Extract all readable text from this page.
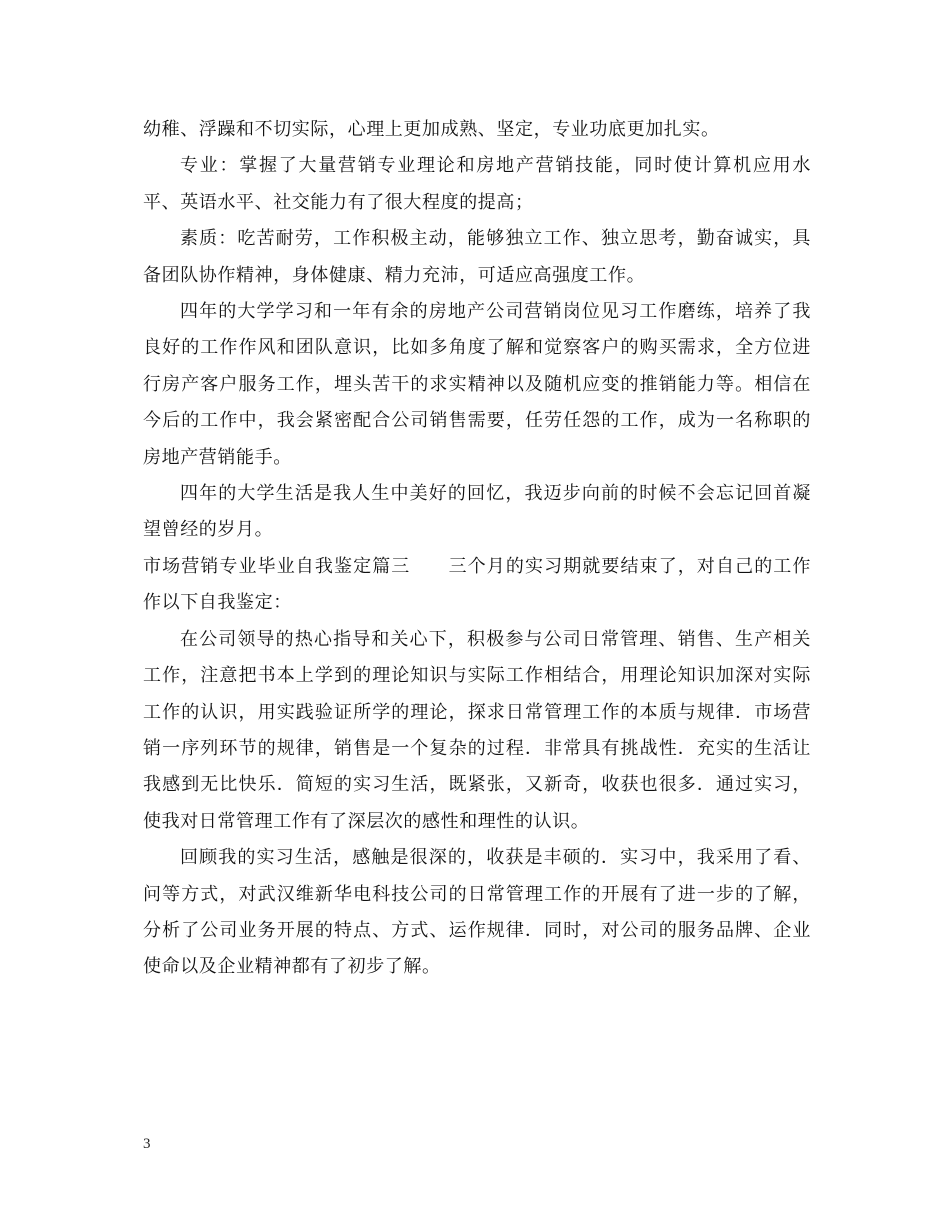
幼稚、浮躁和不切实际，心理上更加成熟、坚定，专业功底更加扎实。

专业：掌握了大量营销专业理论和房地产营销技能，同时使计算机应用水平、英语水平、社交能力有了很大程度的提高；

素质：吃苦耐劳，工作积极主动，能够独立工作、独立思考，勤奋诚实，具备团队协作精神，身体健康、精力充沛，可适应高强度工作。

四年的大学学习和一年有余的房地产公司营销岗位见习工作磨练，培养了我良好的工作作风和团队意识，比如多角度了解和觉察客户的购买需求，全方位进行房产客户服务工作，埋头苦干的求实精神以及随机应变的推销能力等。相信在今后的工作中，我会紧密配合公司销售需要，任劳任怨的工作，成为一名称职的房地产营销能手。

四年的大学生活是我人生中美好的回忆，我迈步向前的时候不会忘记回首凝望曾经的岁月。

市场营销专业毕业自我鉴定篇三　　三个月的实习期就要结束了，对自己的工作作以下自我鉴定：

在公司领导的热心指导和关心下，积极参与公司日常管理、销售、生产相关工作，注意把书本上学到的理论知识与实际工作相结合，用理论知识加深对实际工作的认识，用实践验证所学的理论，探求日常管理工作的本质与规律．市场营销一序列环节的规律，销售是一个复杂的过程．非常具有挑战性．充实的生活让我感到无比快乐．简短的实习生活，既紧张，又新奇，收获也很多．通过实习，使我对日常管理工作有了深层次的感性和理性的认识。

回顾我的实习生活，感触是很深的，收获是丰硕的．实习中，我采用了看、问等方式，对武汉维新华电科技公司的日常管理工作的开展有了进一步的了解，分析了公司业务开展的特点、方式、运作规律．同时，对公司的服务品牌、企业使命以及企业精神都有了初步了解。

3
